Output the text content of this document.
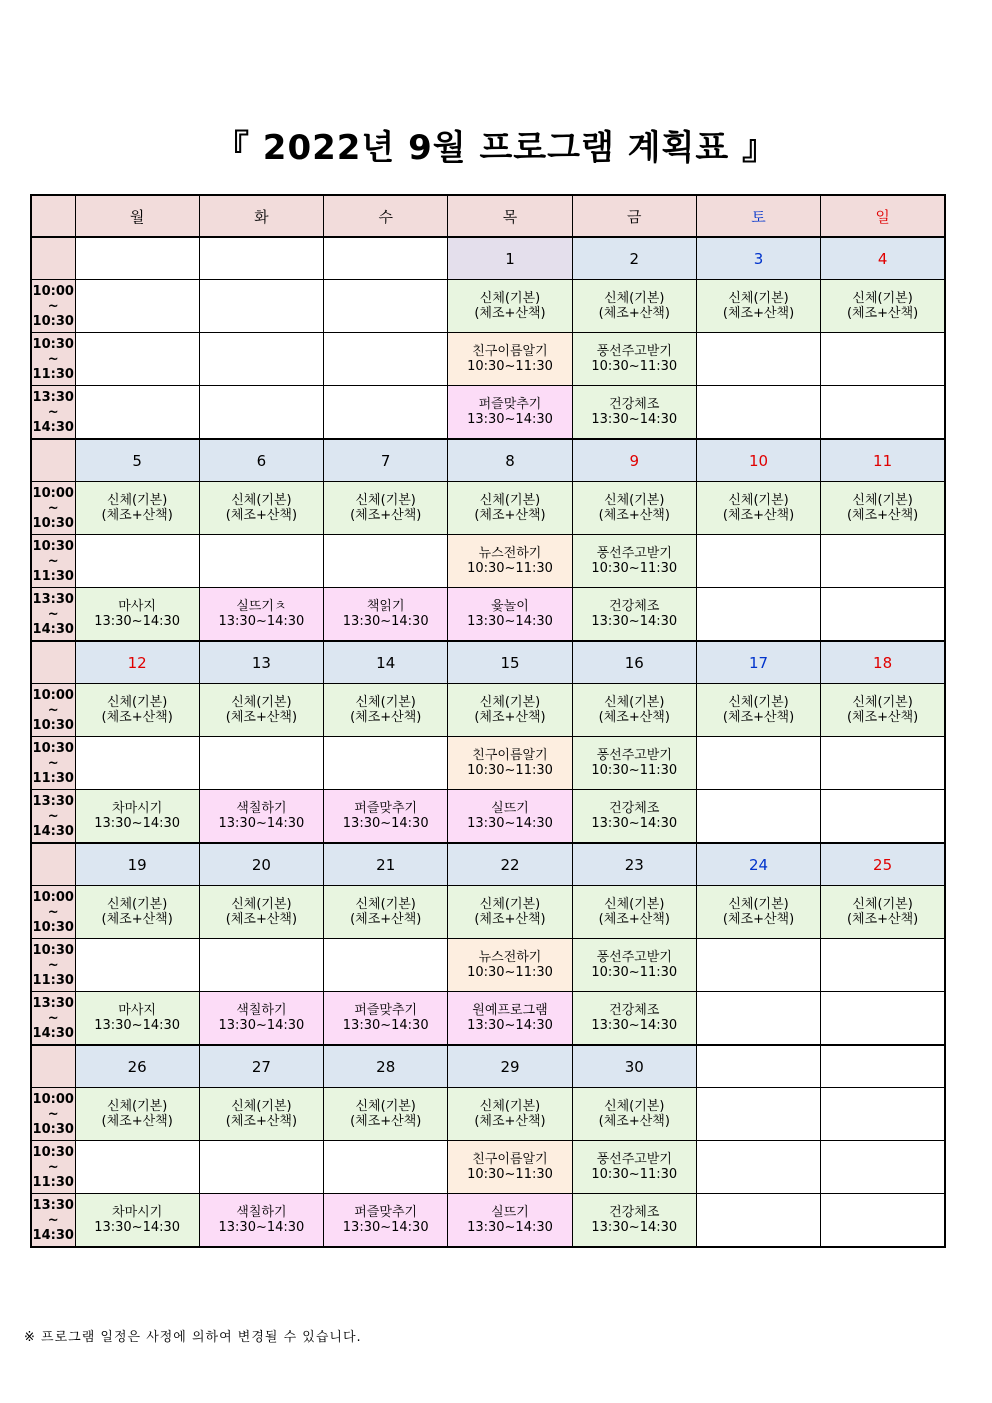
『 2022년 9월 프로그램 계획표 』
	월	화	수	목	금	토	일
				1	2	3	4

10:00
~
10:30				신체(기본)
(체조+산책)	신체(기본)
(체조+산책)	신체(기본)
(체조+산책)	신체(기본)
(체조+산책)

10:30
~
11:30				친구이름알기
10:30~11:30	풍선주고받기
10:30~11:30		

13:30
~
14:30				퍼즐맞추기
13:30~14:30	건강체조
13:30~14:30		

	5	6	7	8	9	10	11

10:00
~
10:30	신체(기본)
(체조+산책)	신체(기본)
(체조+산책)	신체(기본)
(체조+산책)	신체(기본)
(체조+산책)	신체(기본)
(체조+산책)	신체(기본)
(체조+산책)	신체(기본)
(체조+산책)

10:30
~
11:30				뉴스전하기
10:30~11:30	풍선주고받기
10:30~11:30		

13:30
~
14:30	마사지
13:30~14:30	실뜨기ㅊ
13:30~14:30	책읽기
13:30~14:30	윷놀이
13:30~14:30	건강체조
13:30~14:30		

	12	13	14	15	16	17	18

10:00
~
10:30	신체(기본)
(체조+산책)	신체(기본)
(체조+산책)	신체(기본)
(체조+산책)	신체(기본)
(체조+산책)	신체(기본)
(체조+산책)	신체(기본)
(체조+산책)	신체(기본)
(체조+산책)

10:30
~
11:30				친구이름알기
10:30~11:30	풍선주고받기
10:30~11:30		

13:30
~
14:30	차마시기
13:30~14:30	색칠하기
13:30~14:30	퍼즐맞추기
13:30~14:30	실뜨기
13:30~14:30	건강체조
13:30~14:30		

	19	20	21	22	23	24	25

10:00
~
10:30	신체(기본)
(체조+산책)	신체(기본)
(체조+산책)	신체(기본)
(체조+산책)	신체(기본)
(체조+산책)	신체(기본)
(체조+산책)	신체(기본)
(체조+산책)	신체(기본)
(체조+산책)

10:30
~
11:30				뉴스전하기
10:30~11:30	풍선주고받기
10:30~11:30		

13:30
~
14:30	마사지
13:30~14:30	색칠하기
13:30~14:30	퍼즐맞추기
13:30~14:30	원예프로그램
13:30~14:30	건강체조
13:30~14:30		

	26	27	28	29	30		

10:00
~
10:30	신체(기본)
(체조+산책)	신체(기본)
(체조+산책)	신체(기본)
(체조+산책)	신체(기본)
(체조+산책)	신체(기본)
(체조+산책)		

10:30
~
11:30				친구이름알기
10:30~11:30	풍선주고받기
10:30~11:30		

13:30
~
14:30	차마시기
13:30~14:30	색칠하기
13:30~14:30	퍼즐맞추기
13:30~14:30	실뜨기
13:30~14:30	건강체조
13:30~14:30		

※ 프로그램 일정은 사정에 의하여 변경될 수 있습니다.
